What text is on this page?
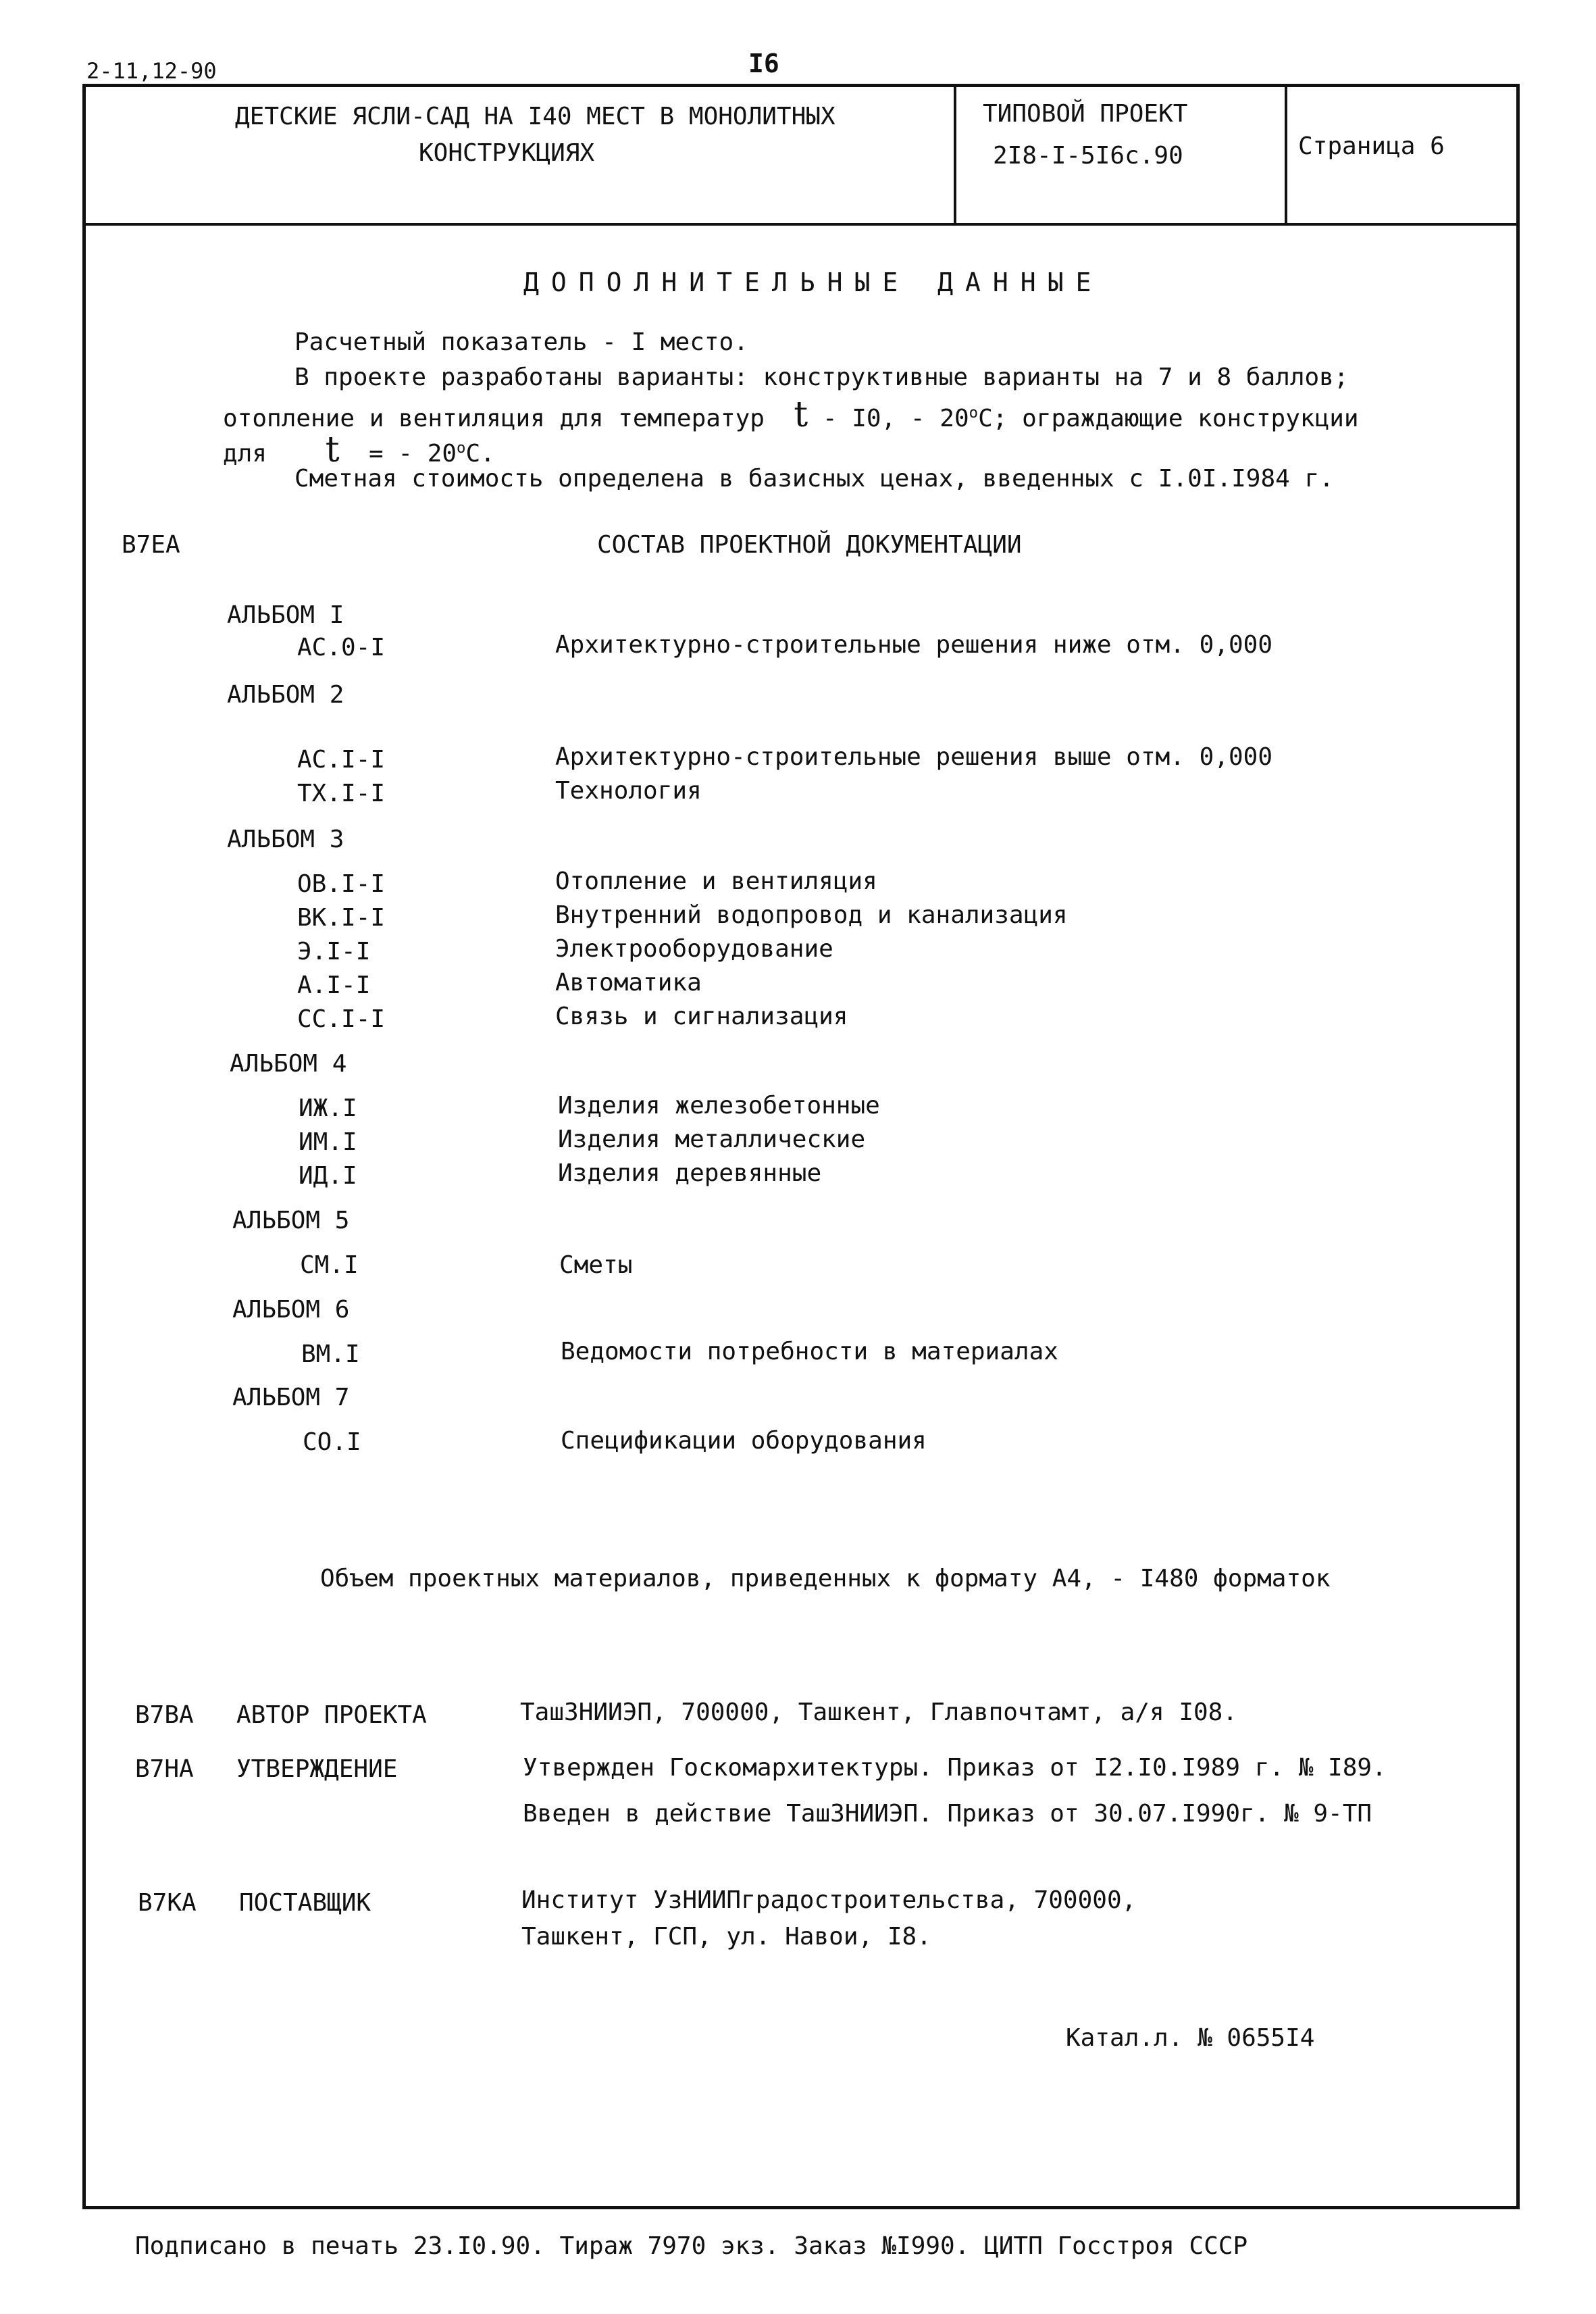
2-11,12-90	I6
ДЕТСКИЕ ЯСЛИ-САД НА I40 МЕСТ В МОНОЛИТНЫХ
КОНСТРУКЦИЯХ
ТИПОВОЙ ПРОЕКТ
2I8-I-5I6с.90	Страница 6
ДОПОЛНИТЕЛЬНЫЕ ДАННЫЕ
Расчетный показатель - I место.
В проекте разработаны варианты: конструктивные варианты на 7 и 8 баллов;
отопление и вентиляция для температур t - I0, - $20^оС$; ограждающие конструкции
для t = - $20^оС$.
Сметная стоимость определена в базисных ценах, введенных с I.0I.I984 г.
В7ЕА	СОСТАВ ПРОЕКТНОЙ ДОКУМЕНТАЦИИ
АЛЬБОМ I
АС.0-I	Архитектурно-строительные решения ниже отм. 0,000
АЛЬБОМ 2
АС.I-I	Архитектурно-строительные решения выше отм. 0,000
ТХ.I-I	Технология
АЛЬБОМ 3
ОВ.I-I	Отопление и вентиляция
ВК.I-I	Внутренний водопровод и канализация
Э.I-I	Электрооборудование
А.I-I	Автоматика
СС.I-I	Связь и сигнализация
АЛЬБОМ 4
ИЖ.I	Изделия железобетонные
ИМ.I	Изделия металлические
ИД.I	Изделия деревянные
АЛЬБОМ 5
СМ.I	Сметы
АЛЬБОМ 6
ВМ.I	Ведомости потребности в материалах
АЛЬБОМ 7
СО.I	Спецификации оборудования
Объем проектных материалов, приведенных к формату А4, - I480 форматок
В7ВА АВТОР ПРОЕКТА	ТашЗНИИЭП, 700000, Ташкент, Главпочтамт, а/я I08.
В7НА УТВЕРЖДЕНИЕ	Утвержден Госкомархитектуры. Приказ от I2.I0.I989 г. № I89.
Введен в действие ТашЗНИИЭП. Приказ от 30.07.I990г. № 9-ТП
В7КА ПОСТАВЩИК	Институт УзНИИПградостроительства, 700000,
Ташкент, ГСП, ул. Навои, I8.
Катал.л. № 0655I4
Подписано в печать 23.I0.90. Тираж 7970 экз. Заказ №I990. ЦИТП Госстроя СССР
